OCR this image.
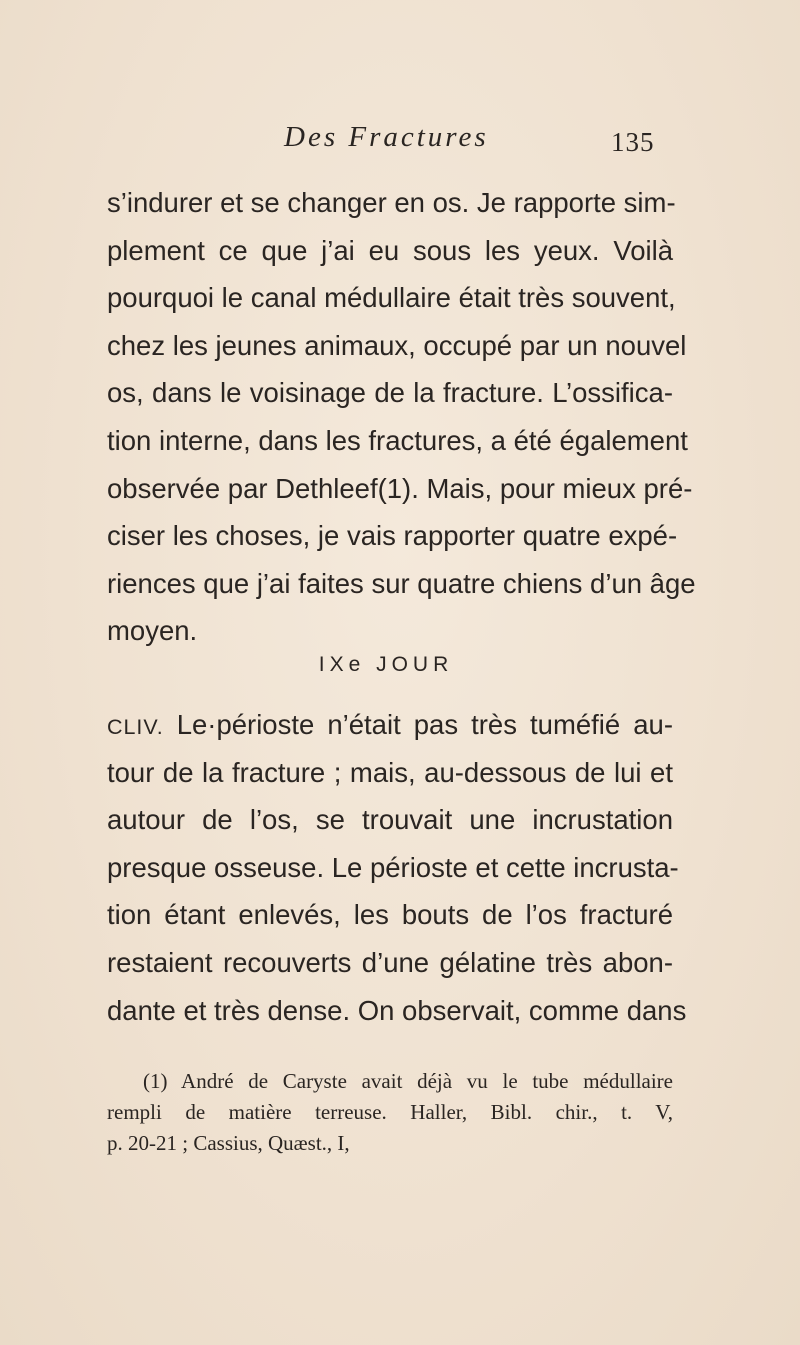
Des Fractures	135
s’indurer et se changer en os. Je rapporte sim-
plement ce que j’ai eu sous les yeux. Voilà
pourquoi le canal médullaire était très souvent,
chez les jeunes animaux, occupé par un nouvel
os, dans le voisinage de la fracture. L’ossifica-
tion interne, dans les fractures, a été également
observée par Dethleef(1). Mais, pour mieux pré-
ciser les choses, je vais rapporter quatre expé-
riences que j’ai faites sur quatre chiens d’un âge
moyen.
IXe JOUR
CLIV. Le·périoste n’était pas très tuméfié au-
tour de la fracture ; mais, au-dessous de lui et
autour de l’os, se trouvait une incrustation
presque osseuse. Le périoste et cette incrusta-
tion étant enlevés, les bouts de l’os fracturé
restaient recouverts d’une gélatine très abon-
dante et très dense. On observait, comme dans
(1) André de Caryste avait déjà vu le tube médullaire
rempli de matière terreuse. Haller, Bibl. chir., t. V,
p. 20-21 ; Cassius, Quæst., I,
